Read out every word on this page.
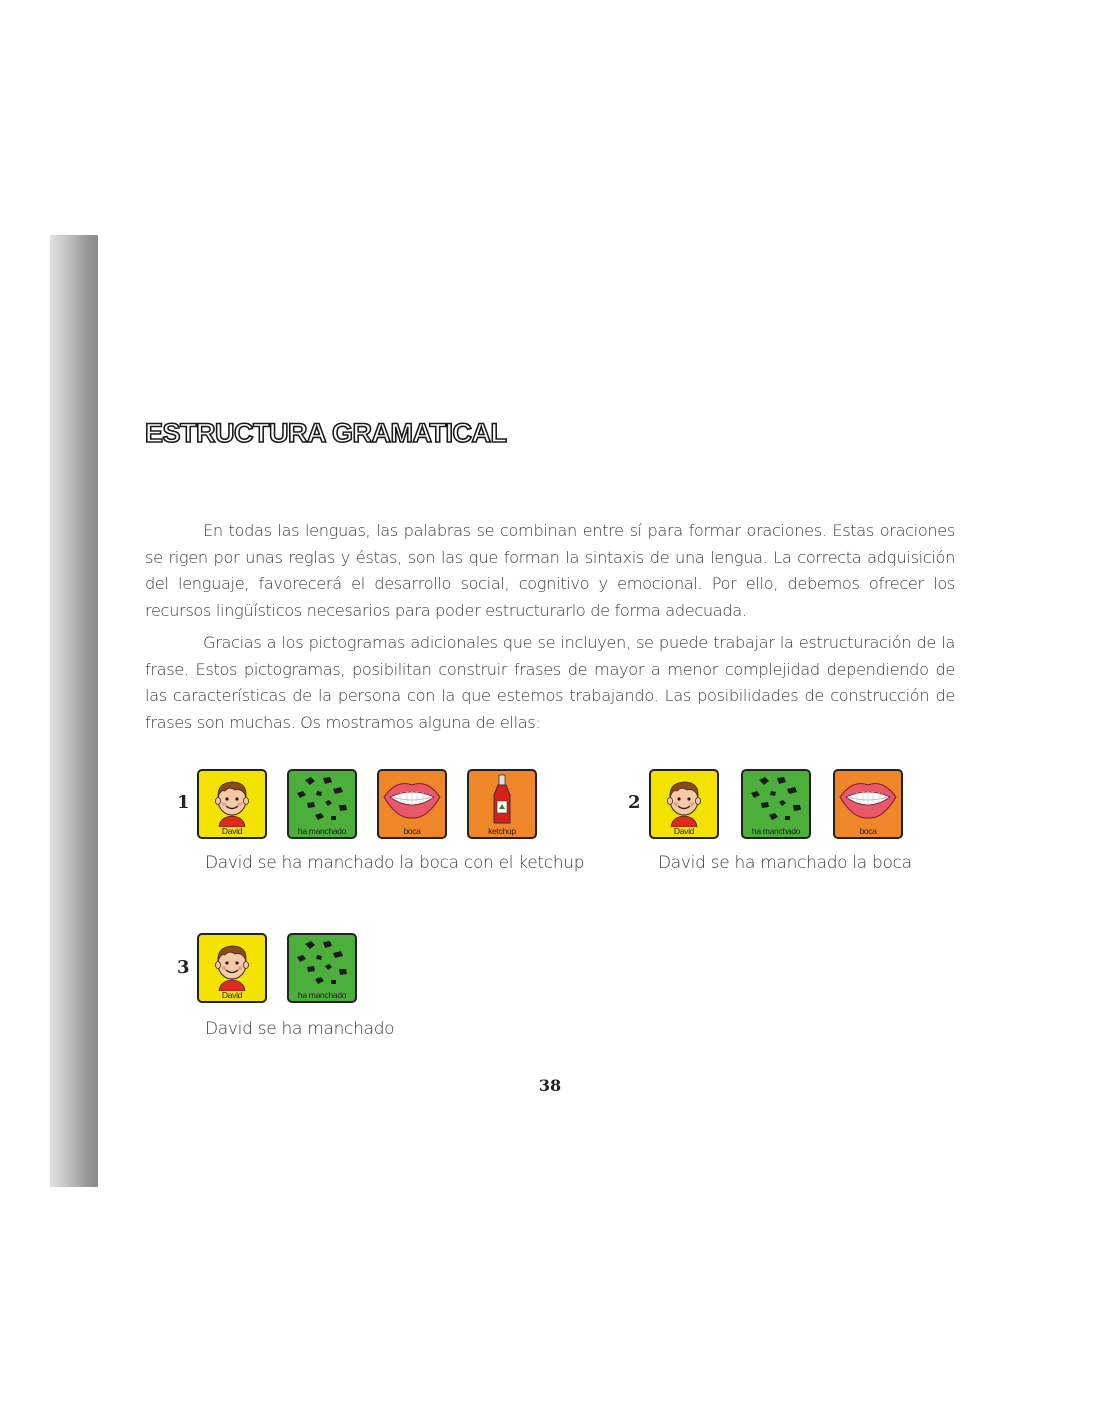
ESTRUCTURA GRAMATICAL

En todas las lenguas, las palabras se combinan entre sí para formar oraciones. Estas oraciones se rigen por unas reglas y éstas, son las que forman la sintaxis de una lengua. La correcta adquisición del lenguaje, favorecerá el desarrollo social, cognitivo y emocional. Por ello, debemos ofrecer los recursos lingüísticos necesarios para poder estructurarlo de forma adecuada.

Gracias a los pictogramas adicionales que se incluyen, se puede trabajar la estructuración de la frase. Estos pictogramas, posibilitan construir frases de mayor a menor complejidad dependiendo de las características de la persona con la que estemos trabajando. Las posibilidades de construcción de frases son muchas. Os mostramos alguna de ellas:

1
David	ha manchado	boca	ketchup
David se ha manchado la boca con el ketchup
2
David	ha manchado	boca
David se ha manchado la boca
3
David	ha manchado
David se ha manchado
38
